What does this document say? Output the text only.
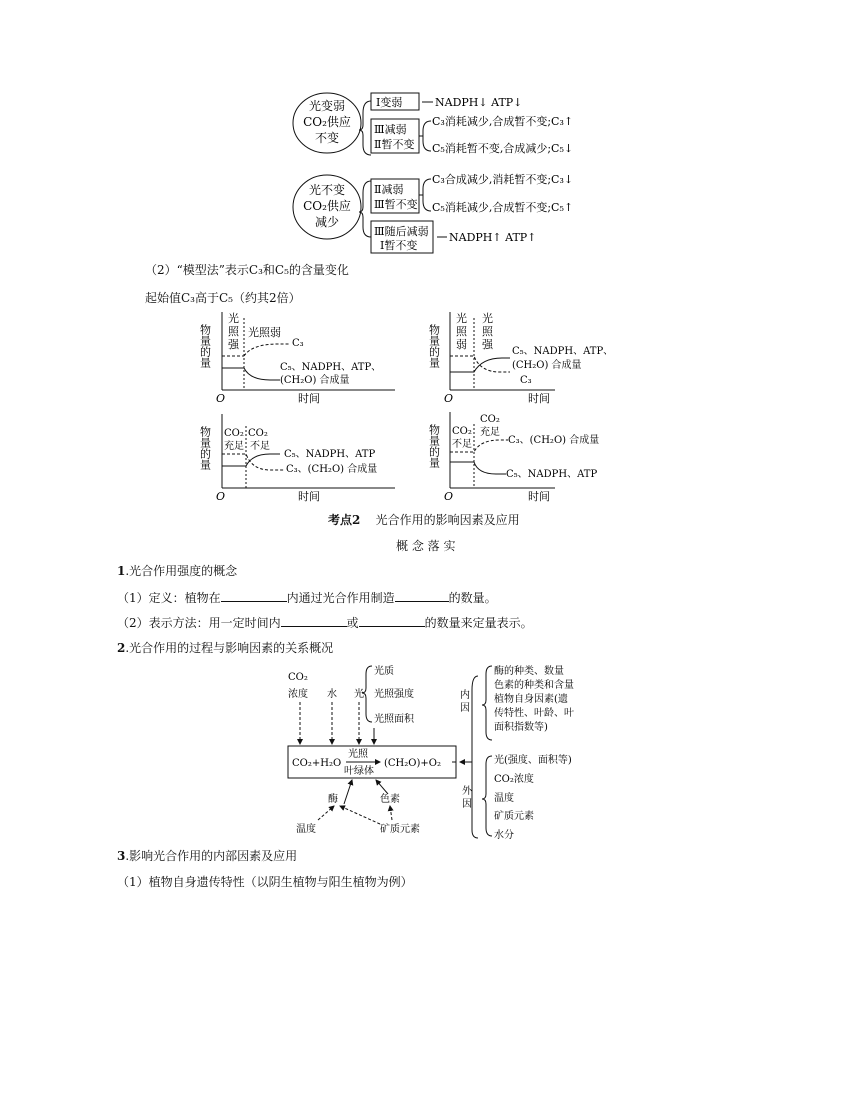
光变弱
CO₂供应
不变
光不变
CO₂供应
减少
Ⅰ变弱	NADPH↓ ATP↓
Ⅲ减弱
Ⅱ暂不变
C₃消耗减少,合成暂不变;C₃↑
C₅消耗暂不变,合成减少;C₅↓
Ⅱ减弱
Ⅲ暂不变
C₃合成减少,消耗暂不变;C₃↓
C₅消耗减少,合成暂不变;C₅↑
Ⅲ随后减弱
Ⅰ暂不变
NADPH↑ ATP↑
（2）“模型法”表示C₃和C₅的含量变化
起始值C₃高于C₅（约其2倍）
物量的量
O	时间
光
照
强
光照弱
C₃
C₅、NADPH、ATP、
(CH₂O) 合成量
物量的量
O	时间
光
照
弱
光
照
强
C₅、NADPH、ATP、
(CH₂O) 合成量
C₃
物量的量
O	时间
CO₂
充足
CO₂
不足
C₅、NADPH、ATP
C₃、(CH₂O) 合成量
物量的量
O	时间
CO₂
不足
CO₂
充足
C₃、(CH₂O) 合成量
C₅、NADPH、ATP
考点2 光合作用的影响因素及应用
概 念 落 实
1.光合作用强度的概念
（1）定义：植物在	内通过光合作用制造	的数量。
（2）表示方法：用一定时间内	或	的数量来定量表示。
2.光合作用的过程与影响因素的关系概况
CO₂
浓度 水 光
光质
光照强度
光照面积
CO₂+H₂O
光照
叶绿体
(CH₂O)+O₂
内
因
酶的种类、数量
色素的种类和含量
植物自身因素(遗
传特性、叶龄、叶
面积指数等)
外
因
光(强度、面积等)
CO₂浓度
温度
矿质元素
水分
酶	色素
温度	矿质元素
3.影响光合作用的内部因素及应用
（1）植物自身遗传特性（以阴生植物与阳生植物为例）
